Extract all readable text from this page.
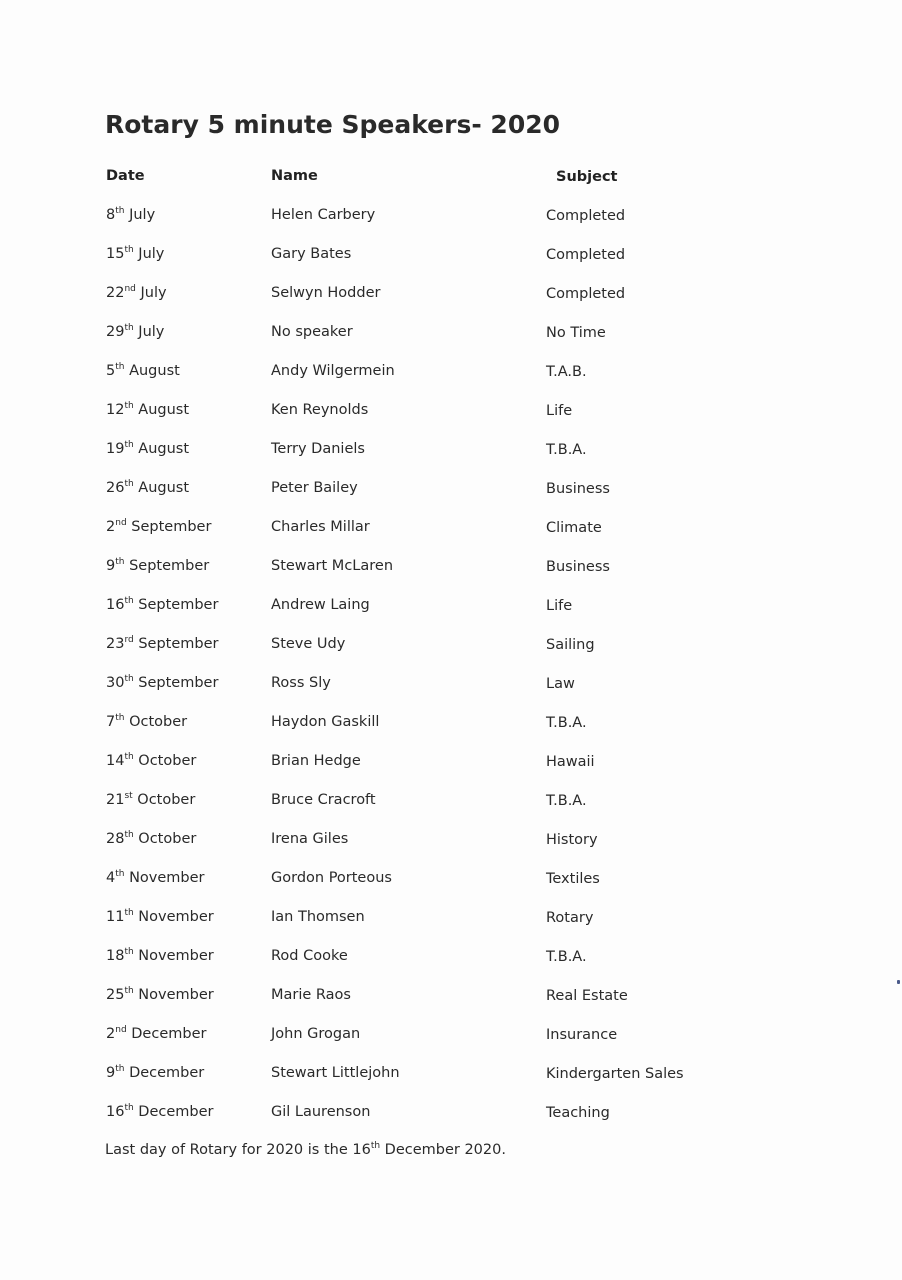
Rotary 5 minute Speakers- 2020
Date	Name	Subject
8th July	Helen Carbery	Completed
15th July	Gary Bates	Completed
22nd July	Selwyn Hodder	Completed
29th July	No speaker	No Time
5th August	Andy Wilgermein	T.A.B.
12th August	Ken Reynolds	Life
19th August	Terry Daniels	T.B.A.
26th August	Peter Bailey	Business
2nd September	Charles Millar	Climate
9th September	Stewart McLaren	Business
16th September	Andrew Laing	Life
23rd September	Steve Udy	Sailing
30th September	Ross Sly	Law
7th October	Haydon Gaskill	T.B.A.
14th October	Brian Hedge	Hawaii
21st October	Bruce Cracroft	T.B.A.
28th October	Irena Giles	History
4th November	Gordon Porteous	Textiles
11th November	Ian Thomsen	Rotary
18th November	Rod Cooke	T.B.A.
25th November	Marie Raos	Real Estate
2nd December	John Grogan	Insurance
9th December	Stewart Littlejohn	Kindergarten Sales
16th December	Gil Laurenson	Teaching
Last day of Rotary for 2020 is the 16th December 2020.
